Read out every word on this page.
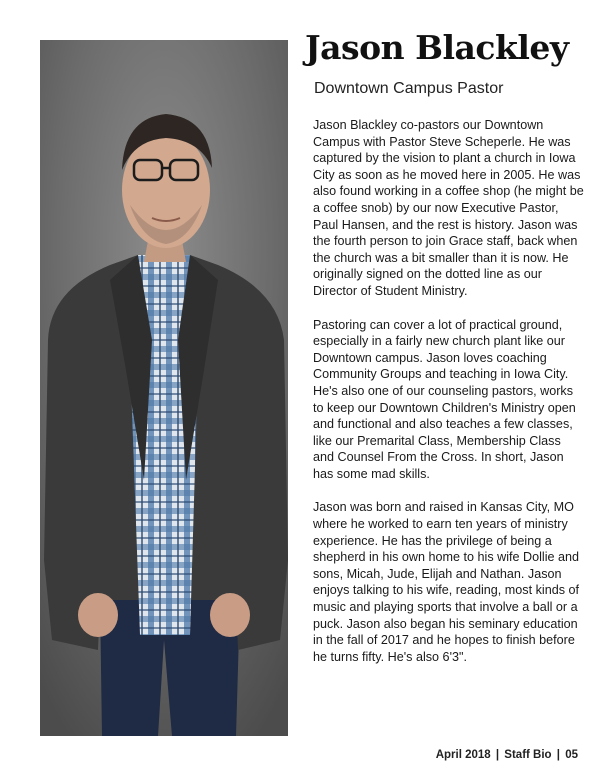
Jason Blackley
Downtown Campus Pastor

Jason Blackley co-pastors our Downtown Campus with Pastor Steve Scheperle. He was captured by the vision to plant a church in Iowa City as soon as he moved here in 2005. He was also found working in a coffee shop (he might be a coffee snob) by our now Executive Pastor, Paul Hansen, and the rest is history. Jason was the fourth person to join Grace staff, back when the church was a bit smaller than it is now. He originally signed on the dotted line as our Director of Student Ministry.

Pastoring can cover a lot of practical ground, especially in a fairly new church plant like our Downtown campus. Jason loves coaching Community Groups and teaching in Iowa City. He's also one of our counseling pastors, works to keep our Downtown Children's Ministry open and functional and also teaches a few classes, like our Premarital Class, Membership Class and Counsel From the Cross. In short, Jason has some mad skills.

Jason was born and raised in Kansas City, MO where he worked to earn ten years of ministry experience. He has the privilege of being a shepherd in his own home to his wife Dollie and sons, Micah, Jude, Elijah and Nathan. Jason enjoys talking to his wife, reading, most kinds of music and playing sports that involve a ball or a puck. Jason also began his seminary education in the fall of 2017 and he hopes to finish before he turns fifty. He's also 6'3".

April 2018 | Staff Bio | 05
